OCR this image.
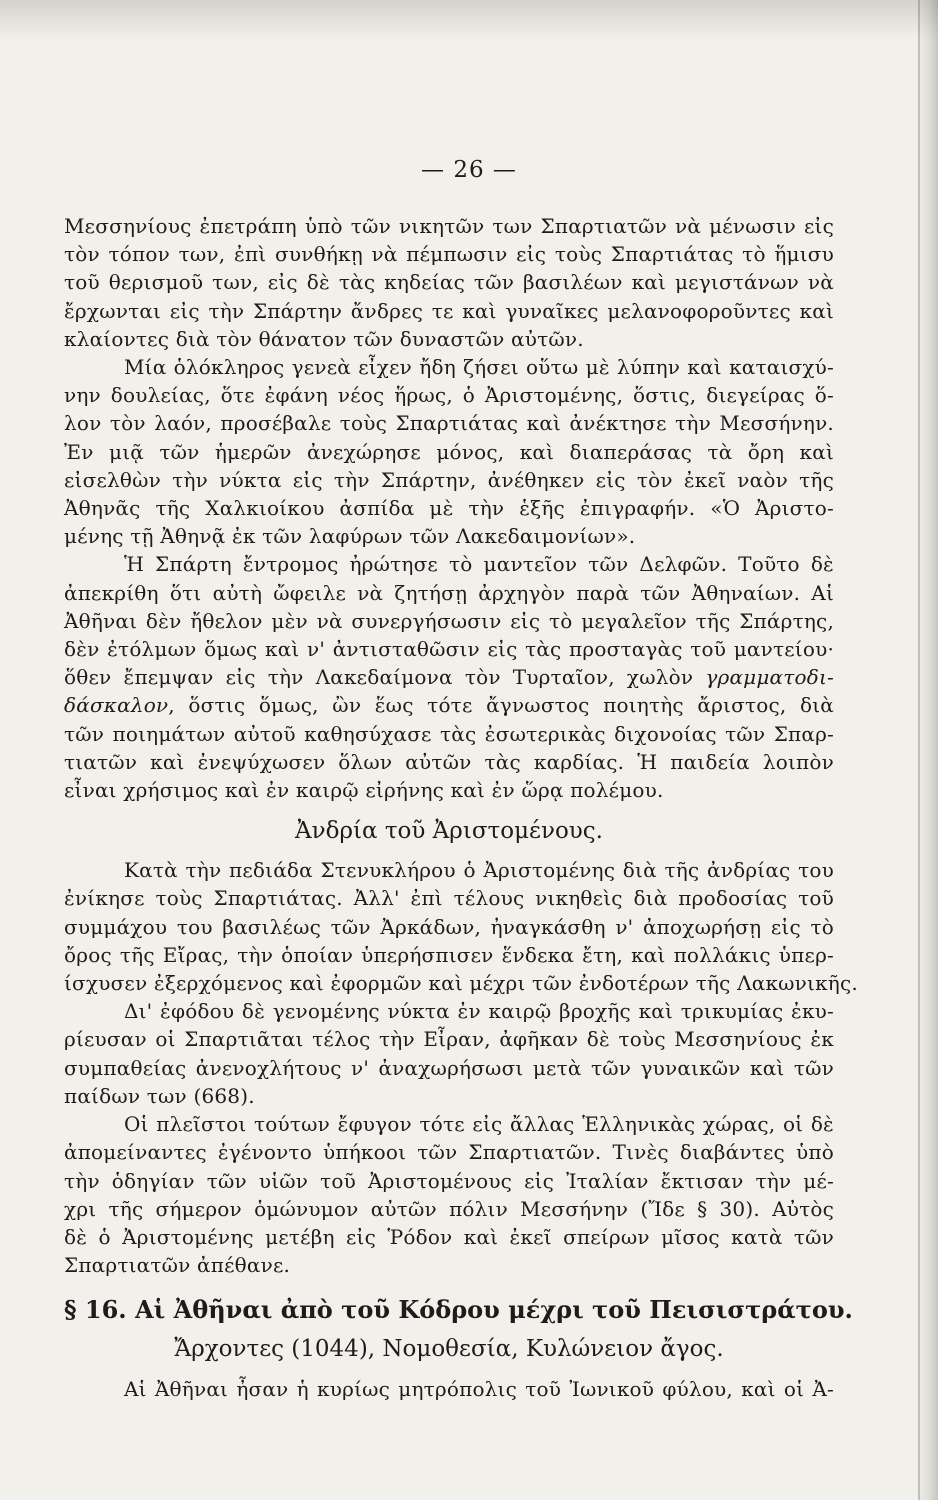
— 26 —

Μεσσηνίους ἐπετράπη ὑπὸ τῶν νικητῶν των Σπαρτιατῶν νὰ μένωσιν εἰς

τὸν τόπον των, ἐπὶ συνθήκῃ νὰ πέμπωσιν εἰς τοὺς Σπαρτιάτας τὸ ἥμισυ

τοῦ θερισμοῦ των, εἰς δὲ τὰς κηδείας τῶν βασιλέων καὶ μεγιστάνων νὰ

ἔρχωνται εἰς τὴν Σπάρτην ἄνδρες τε καὶ γυναῖκες μελανοφοροῦντες καὶ

κλαίοντες διὰ τὸν θάνατον τῶν δυναστῶν αὐτῶν.

Μία ὁλόκληρος γενεὰ εἶχεν ἤδη ζήσει οὕτω μὲ λύπην καὶ καταισχύ-

νην δουλείας, ὅτε ἐφάνη νέος ἥρως, ὁ Ἀριστομένης, ὅστις, διεγείρας ὅ-

λον τὸν λαόν, προσέβαλε τοὺς Σπαρτιάτας καὶ ἀνέκτησε τὴν Μεσσήνην.

Ἐν μιᾷ τῶν ἡμερῶν ἀνεχώρησε μόνος, καὶ διαπεράσας τὰ ὄρη καὶ

εἰσελθὼν τὴν νύκτα εἰς τὴν Σπάρτην, ἀνέθηκεν εἰς τὸν ἐκεῖ ναὸν τῆς

Ἀθηνᾶς τῆς Χαλκιοίκου ἀσπίδα μὲ τὴν ἑξῆς ἐπιγραφήν. «Ὁ Ἀριστο-

μένης τῇ Ἀθηνᾷ ἐκ τῶν λαφύρων τῶν Λακεδαιμονίων».

Ἡ Σπάρτη ἔντρομος ἠρώτησε τὸ μαντεῖον τῶν Δελφῶν. Τοῦτο δὲ

ἀπεκρίθη ὅτι αὐτὴ ὤφειλε νὰ ζητήσῃ ἀρχηγὸν παρὰ τῶν Ἀθηναίων. Αἱ

Ἀθῆναι δὲν ἤθελον μὲν νὰ συνεργήσωσιν εἰς τὸ μεγαλεῖον τῆς Σπάρτης,

δὲν ἐτόλμων ὅμως καὶ ν' ἀντισταθῶσιν εἰς τὰς προσταγὰς τοῦ μαντείου·

ὅθεν ἔπεμψαν εἰς τὴν Λακεδαίμονα τὸν Τυρταῖον, χωλὸν γραμματοδι-

δάσκαλον, ὅστις ὅμως, ὢν ἕως τότε ἄγνωστος ποιητὴς ἄριστος, διὰ

τῶν ποιημάτων αὐτοῦ καθησύχασε τὰς ἐσωτερικὰς διχονοίας τῶν Σπαρ-

τιατῶν καὶ ἐνεψύχωσεν ὅλων αὐτῶν τὰς καρδίας. Ἡ παιδεία λοιπὸν

εἶναι χρήσιμος καὶ ἐν καιρῷ εἰρήνης καὶ ἐν ὥρᾳ πολέμου.

Ἀνδρία τοῦ Ἀριστομένους.

Κατὰ τὴν πεδιάδα Στενυκλήρου ὁ Ἀριστομένης διὰ τῆς ἀνδρίας του

ἐνίκησε τοὺς Σπαρτιάτας. Ἀλλ' ἐπὶ τέλους νικηθεὶς διὰ προδοσίας τοῦ

συμμάχου του βασιλέως τῶν Ἀρκάδων, ἠναγκάσθη ν' ἀποχωρήσῃ εἰς τὸ

ὄρος τῆς Εἴρας, τὴν ὁποίαν ὑπερήσπισεν ἕνδεκα ἔτη, καὶ πολλάκις ὑπερ-

ίσχυσεν ἐξερχόμενος καὶ ἐφορμῶν καὶ μέχρι τῶν ἐνδοτέρων τῆς Λακωνικῆς.

Δι' ἐφόδου δὲ γενομένης νύκτα ἐν καιρῷ βροχῆς καὶ τρικυμίας ἐκυ-

ρίευσαν οἱ Σπαρτιᾶται τέλος τὴν Εἶραν, ἀφῆκαν δὲ τοὺς Μεσσηνίους ἐκ

συμπαθείας ἀνενοχλήτους ν' ἀναχωρήσωσι μετὰ τῶν γυναικῶν καὶ τῶν

παίδων των (668).

Οἱ πλεῖστοι τούτων ἔφυγον τότε εἰς ἄλλας Ἑλληνικὰς χώρας, οἱ δὲ

ἀπομείναντες ἐγένοντο ὑπήκοοι τῶν Σπαρτιατῶν. Τινὲς διαβάντες ὑπὸ

τὴν ὁδηγίαν τῶν υἱῶν τοῦ Ἀριστομένους εἰς Ἰταλίαν ἔκτισαν τὴν μέ-

χρι τῆς σήμερον ὁμώνυμον αὐτῶν πόλιν Μεσσήνην (Ἴδε § 30). Αὐτὸς

δὲ ὁ Ἀριστομένης μετέβη εἰς Ῥόδον καὶ ἐκεῖ σπείρων μῖσος κατὰ τῶν

Σπαρτιατῶν ἀπέθανε.

§ 16. Αἱ Ἀθῆναι ἀπὸ τοῦ Κόδρου μέχρι τοῦ Πεισιστράτου.
Ἄρχοντες (1044), Νομοθεσία, Κυλώνειον ἄγος.

Αἱ Ἀθῆναι ἦσαν ἡ κυρίως μητρόπολις τοῦ Ἰωνικοῦ φύλου, καὶ οἱ Ἀ-
